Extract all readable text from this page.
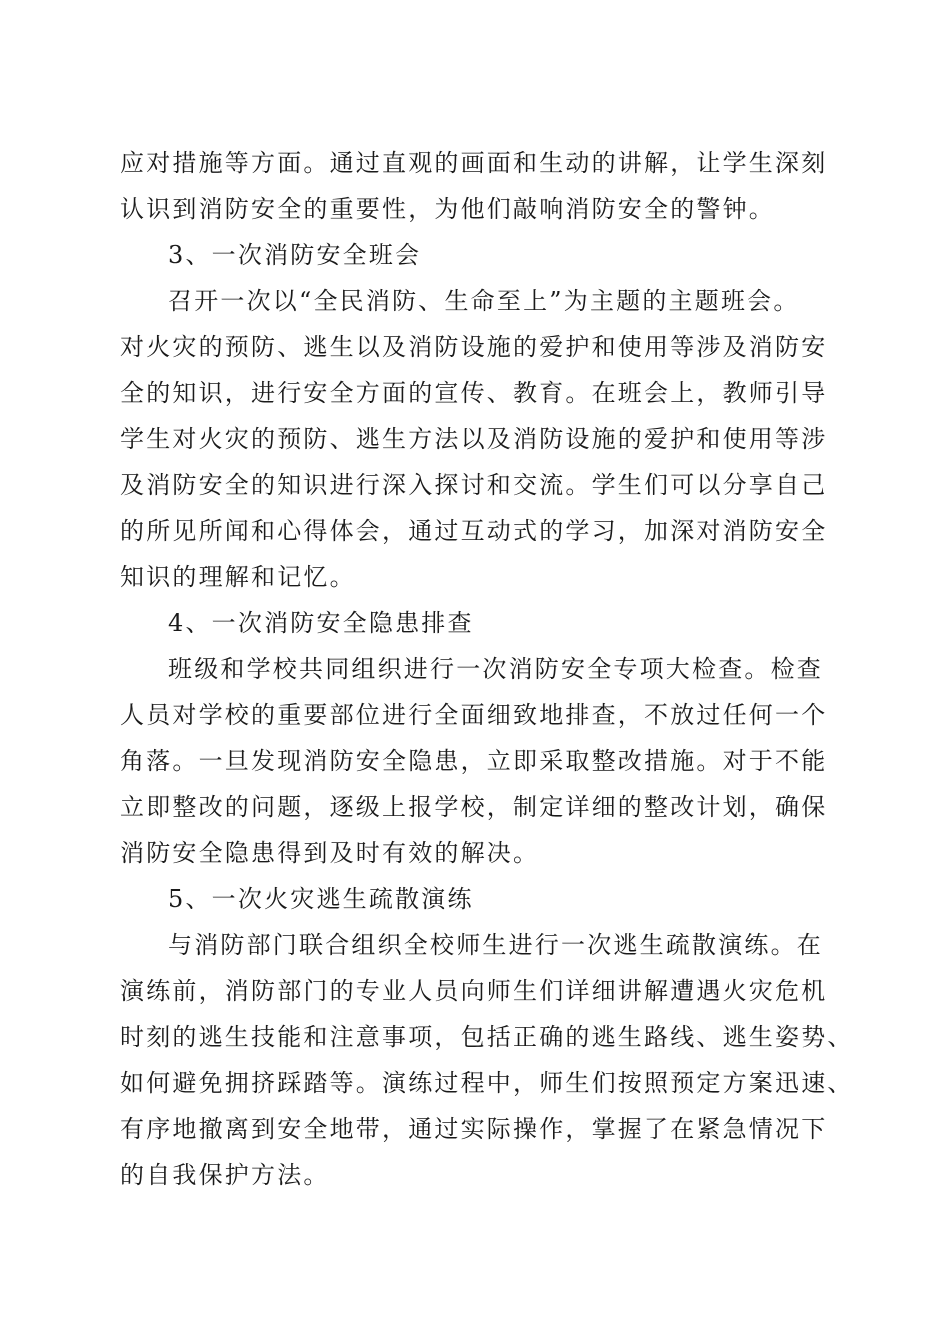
应对措施等方面。通过直观的画面和生动的讲解，让学生深刻
认识到消防安全的重要性，为他们敲响消防安全的警钟。
3、一次消防安全班会
召开一次以“全民消防、生命至上”为主题的主题班会。
对火灾的预防、逃生以及消防设施的爱护和使用等涉及消防安
全的知识，进行安全方面的宣传、教育。在班会上，教师引导
学生对火灾的预防、逃生方法以及消防设施的爱护和使用等涉
及消防安全的知识进行深入探讨和交流。学生们可以分享自己
的所见所闻和心得体会，通过互动式的学习，加深对消防安全
知识的理解和记忆。
4、一次消防安全隐患排查
班级和学校共同组织进行一次消防安全专项大检查。检查
人员对学校的重要部位进行全面细致地排查，不放过任何一个
角落。一旦发现消防安全隐患，立即采取整改措施。对于不能
立即整改的问题，逐级上报学校，制定详细的整改计划，确保
消防安全隐患得到及时有效的解决。
5、一次火灾逃生疏散演练
与消防部门联合组织全校师生进行一次逃生疏散演练。在
演练前，消防部门的专业人员向师生们详细讲解遭遇火灾危机
时刻的逃生技能和注意事项，包括正确的逃生路线、逃生姿势、
如何避免拥挤踩踏等。演练过程中，师生们按照预定方案迅速、
有序地撤离到安全地带，通过实际操作，掌握了在紧急情况下
的自我保护方法。
